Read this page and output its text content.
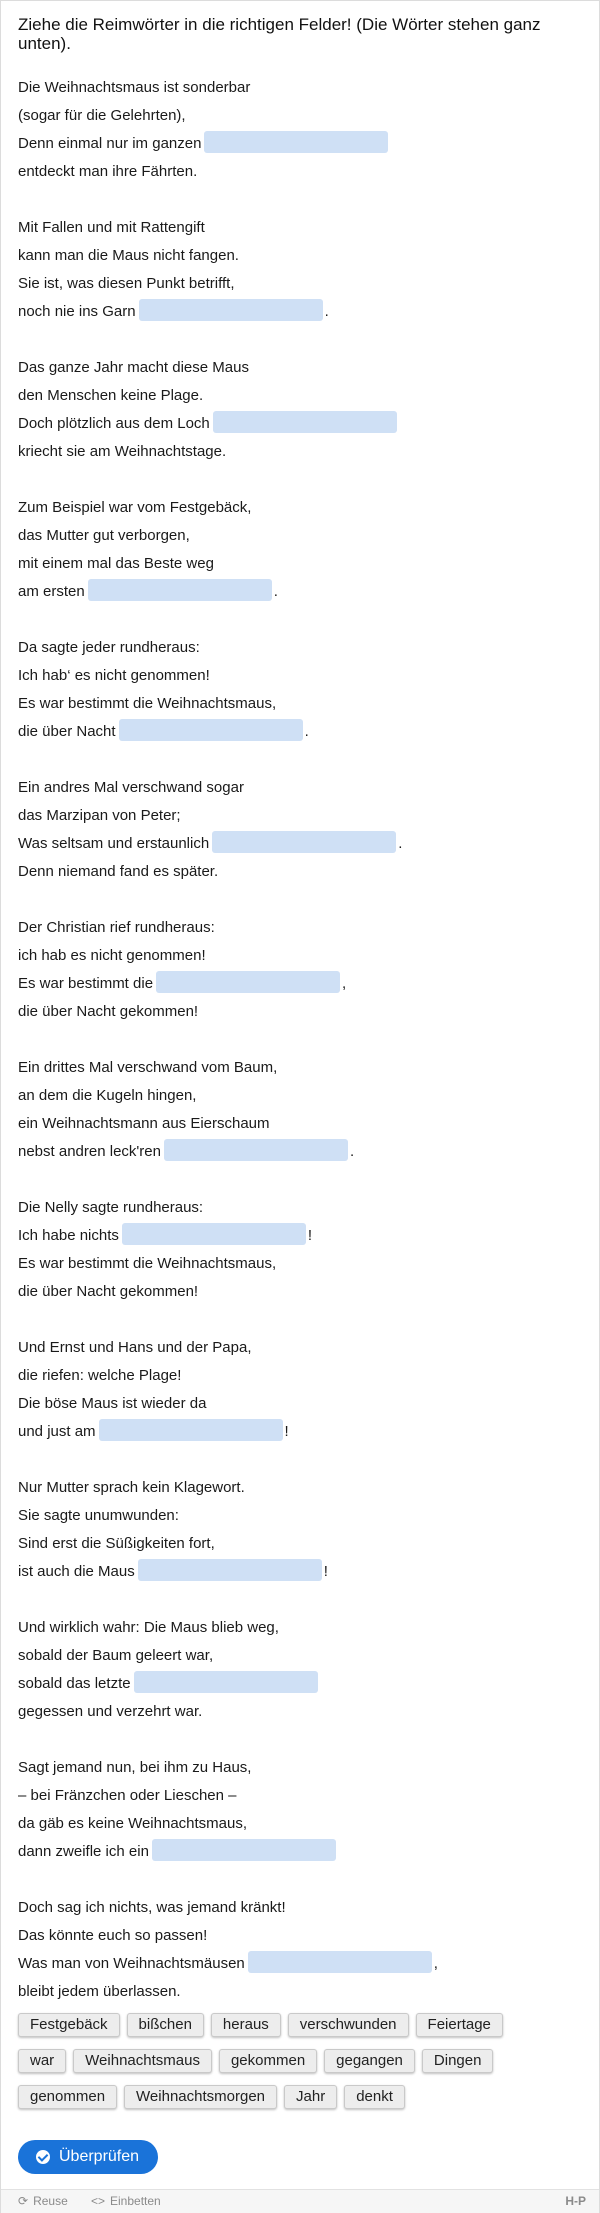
Ziehe die Reimwörter in die richtigen Felder! (Die Wörter stehen ganz unten).
Die Weihnachtsmaus ist sonderbar
(sogar für die Gelehrten),
Denn einmal nur im ganzen
entdeckt man ihre Fährten.
Mit Fallen und mit Rattengift
kann man die Maus nicht fangen.
Sie ist, was diesen Punkt betrifft,
noch nie ins Garn	.
Das ganze Jahr macht diese Maus
den Menschen keine Plage.
Doch plötzlich aus dem Loch
kriecht sie am Weihnachtstage.
Zum Beispiel war vom Festgebäck,
das Mutter gut verborgen,
mit einem mal das Beste weg
am ersten	.
Da sagte jeder rundheraus:
Ich hab‘ es nicht genommen!
Es war bestimmt die Weihnachtsmaus,
die über Nacht	.
Ein andres Mal verschwand sogar
das Marzipan von Peter;
Was seltsam und erstaunlich	.
Denn niemand fand es später.
Der Christian rief rundheraus:
ich hab es nicht genommen!
Es war bestimmt die	,
die über Nacht gekommen!
Ein drittes Mal verschwand vom Baum,
an dem die Kugeln hingen,
ein Weihnachtsmann aus Eierschaum
nebst andren leck'ren	.
Die Nelly sagte rundheraus:
Ich habe nichts	!
Es war bestimmt die Weihnachtsmaus,
die über Nacht gekommen!
Und Ernst und Hans und der Papa,
die riefen: welche Plage!
Die böse Maus ist wieder da
und just am	!
Nur Mutter sprach kein Klagewort.
Sie sagte unumwunden:
Sind erst die Süßigkeiten fort,
ist auch die Maus	!
Und wirklich wahr: Die Maus blieb weg,
sobald der Baum geleert war,
sobald das letzte
gegessen und verzehrt war.
Sagt jemand nun, bei ihm zu Haus,
– bei Fränzchen oder Lieschen –
da gäb es keine Weihnachtsmaus,
dann zweifle ich ein
Doch sag ich nichts, was jemand kränkt!
Das könnte euch so passen!
Was man von Weihnachtsmäusen	,
bleibt jedem überlassen.
Festgebäck bißchen heraus verschwunden Feiertage
war Weihnachtsmaus gekommen gegangen Dingen
genommen Weihnachtsmorgen Jahr denkt
Überprüfen
⟳ Reuse <> Einbetten	H-P
